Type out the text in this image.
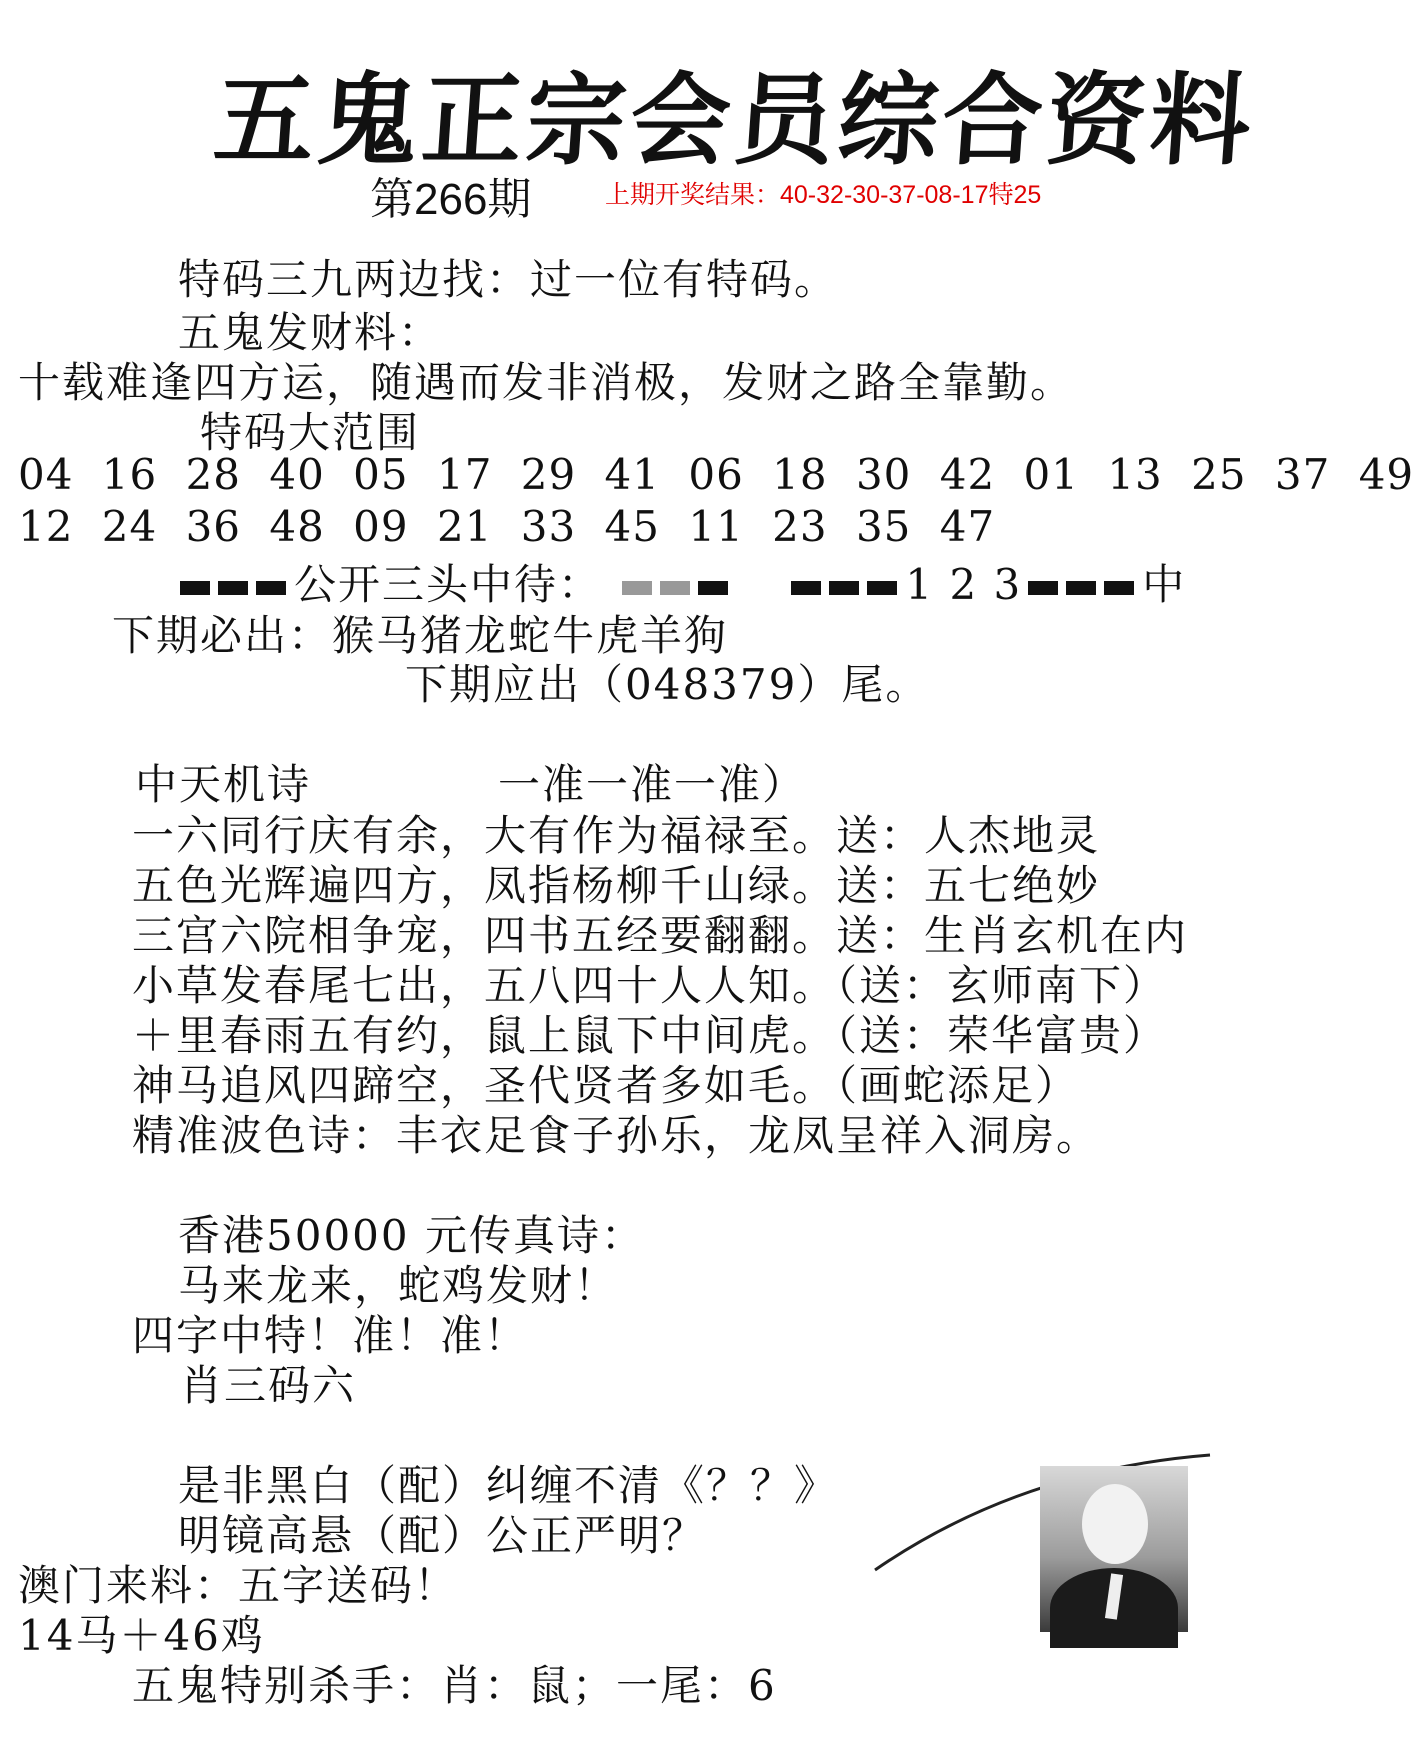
五鬼正宗会员综合资料
第266期	上期开奖结果：40-32-30-37-08-17特25
特码三九两边找：过一位有特码。
五鬼发财料：
十载难逢四方运，随遇而发非消极，发财之路全靠勤。
特码大范围
04 16 28 40 05 17 29 41 06 18 30 42 01 13 25 37 49
12 24 36 48 09 21 33 45 11 23 35 47
公开三头中待：	1 2 3	中
下期必出：猴马猪龙蛇牛虎羊狗
下期应出（048379）尾。
中天机诗	一准一准一准）
一六同行庆有余，大有作为福禄至。送：人杰地灵
五色光辉遍四方，凤指杨柳千山绿。送：五七绝妙
三宫六院相争宠，四书五经要翻翻。送：生肖玄机在内
小草发春尾七出，五八四十人人知。（送：玄师南下）
＋里春雨五有约，鼠上鼠下中间虎。（送：荣华富贵）
神马追风四蹄空，圣代贤者多如毛。（画蛇添足）
精准波色诗：丰衣足食子孙乐，龙凤呈祥入洞房。
香港50000 元传真诗：
马来龙来，蛇鸡发财！
四字中特！准！准！
肖三码六
是非黑白（配）纠缠不清《？？》
明镜高悬（配）公正严明？
澳门来料：五字送码！
14马＋46鸡
五鬼特别杀手：肖：鼠；一尾：6
